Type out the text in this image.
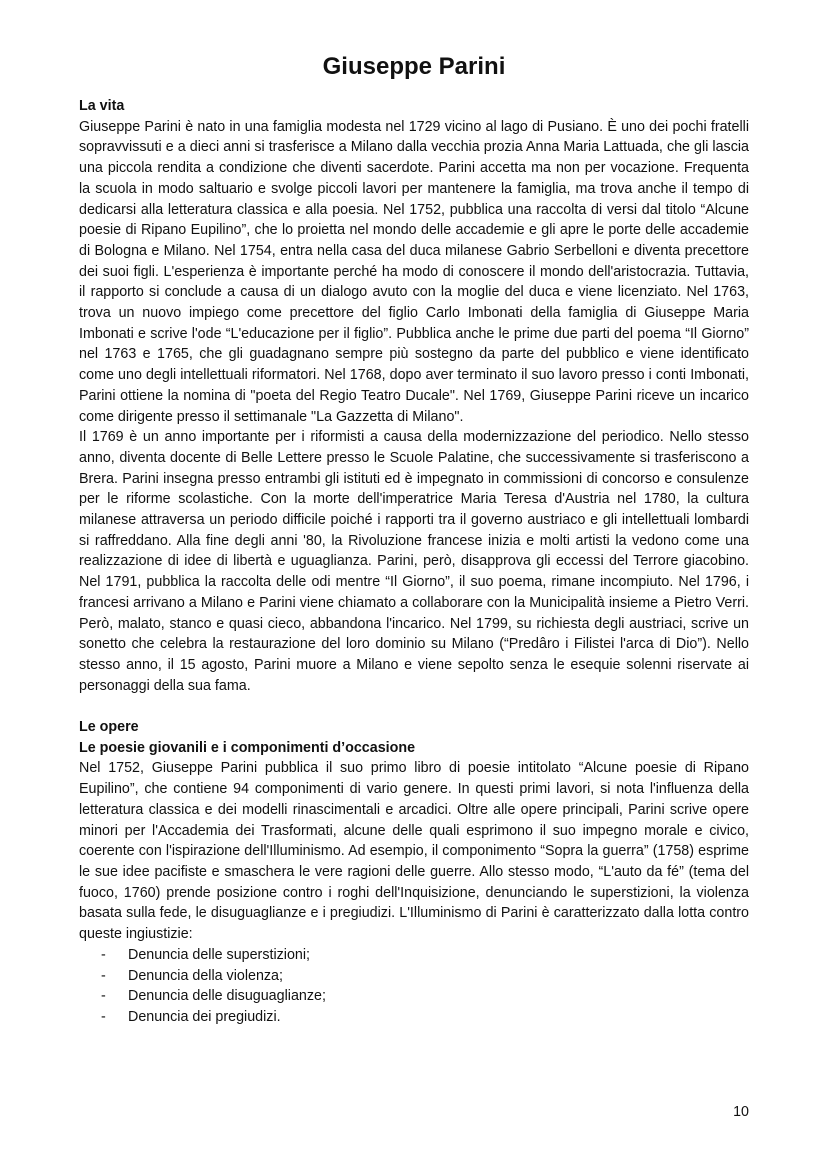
Giuseppe Parini
La vita

Giuseppe Parini è nato in una famiglia modesta nel 1729 vicino al lago di Pusiano. È uno dei pochi fratelli sopravvissuti e a dieci anni si trasferisce a Milano dalla vecchia prozia Anna Maria Lattuada, che gli lascia una piccola rendita a condizione che diventi sacerdote. Parini accetta ma non per vocazione. Frequenta la scuola in modo saltuario e svolge piccoli lavori per mantenere la famiglia, ma trova anche il tempo di dedicarsi alla letteratura classica e alla poesia. Nel 1752, pubblica una raccolta di versi dal titolo “Alcune poesie di Ripano Eupilino”, che lo proietta nel mondo delle accademie e gli apre le porte delle accademie di Bologna e Milano. Nel 1754, entra nella casa del duca milanese Gabrio Serbelloni e diventa precettore dei suoi figli. L'esperienza è importante perché ha modo di conoscere il mondo dell'aristocrazia. Tuttavia, il rapporto si conclude a causa di un dialogo avuto con la moglie del duca e viene licenziato. Nel 1763, trova un nuovo impiego come precettore del figlio Carlo Imbonati della famiglia di Giuseppe Maria Imbonati e scrive l'ode “L'educazione per il figlio”. Pubblica anche le prime due parti del poema “Il Giorno” nel 1763 e 1765, che gli guadagnano sempre più sostegno da parte del pubblico e viene identificato come uno degli intellettuali riformatori. Nel 1768, dopo aver terminato il suo lavoro presso i conti Imbonati, Parini ottiene la nomina di "poeta del Regio Teatro Ducale". Nel 1769, Giuseppe Parini riceve un incarico come dirigente presso il settimanale "La Gazzetta di Milano".

Il 1769 è un anno importante per i riformisti a causa della modernizzazione del periodico. Nello stesso anno, diventa docente di Belle Lettere presso le Scuole Palatine, che successivamente si trasferiscono a Brera. Parini insegna presso entrambi gli istituti ed è impegnato in commissioni di concorso e consulenze per le riforme scolastiche. Con la morte dell'imperatrice Maria Teresa d'Austria nel 1780, la cultura milanese attraversa un periodo difficile poiché i rapporti tra il governo austriaco e gli intellettuali lombardi si raffreddano. Alla fine degli anni '80, la Rivoluzione francese inizia e molti artisti la vedono come una realizzazione di idee di libertà e uguaglianza. Parini, però, disapprova gli eccessi del Terrore giacobino. Nel 1791, pubblica la raccolta delle odi mentre “Il Giorno”, il suo poema, rimane incompiuto. Nel 1796, i francesi arrivano a Milano e Parini viene chiamato a collaborare con la Municipalità insieme a Pietro Verri. Però, malato, stanco e quasi cieco, abbandona l'incarico. Nel 1799, su richiesta degli austriaci, scrive un sonetto che celebra la restaurazione del loro dominio su Milano (“Predâro i Filistei l'arca di Dio”). Nello stesso anno, il 15 agosto, Parini muore a Milano e viene sepolto senza le esequie solenni riservate ai personaggi della sua fama.

Le opere
Le poesie giovanili e i componimenti d’occasione

Nel 1752, Giuseppe Parini pubblica il suo primo libro di poesie intitolato “Alcune poesie di Ripano Eupilino”, che contiene 94 componimenti di vario genere. In questi primi lavori, si nota l'influenza della letteratura classica e dei modelli rinascimentali e arcadici. Oltre alle opere principali, Parini scrive opere minori per l'Accademia dei Trasformati, alcune delle quali esprimono il suo impegno morale e civico, coerente con l'ispirazione dell'Illuminismo. Ad esempio, il componimento “Sopra la guerra” (1758) esprime le sue idee pacifiste e smaschera le vere ragioni delle guerre. Allo stesso modo, “L'auto da fé” (tema del fuoco, 1760) prende posizione contro i roghi dell'Inquisizione, denunciando le superstizioni, la violenza basata sulla fede, le disuguaglianze e i pregiudizi. L'Illuminismo di Parini è caratterizzato dalla lotta contro queste ingiustizie:

- Denuncia delle superstizioni;
- Denuncia della violenza;
- Denuncia delle disuguaglianze;
- Denuncia dei pregiudizi.
10
